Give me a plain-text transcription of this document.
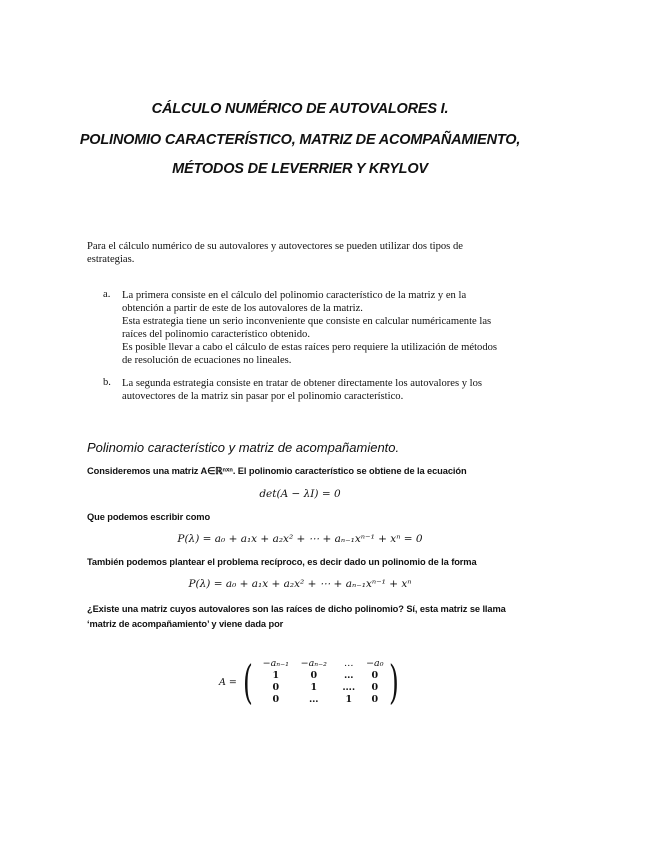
CÁLCULO NUMÉRICO DE AUTOVALORES I.
POLINOMIO CARACTERÍSTICO, MATRIZ DE ACOMPAÑAMIENTO,
MÉTODOS DE LEVERRIER Y KRYLOV
Para el cálculo numérico de su autovalores y autovectores se pueden utilizar dos tipos de
estrategias.
a. La primera consiste en el cálculo del polinomio característico de la matriz y en la
obtención a partir de este de los autovalores de la matriz.
Esta estrategia tiene un serio inconveniente que consiste en calcular numéricamente las
raíces del polinomio característico obtenido.
Es posible llevar a cabo el cálculo de estas raíces pero requiere la utilización de métodos
de resolución de ecuaciones no lineales.
b. La segunda estrategia consiste en tratar de obtener directamente los autovalores y los
autovectores de la matriz sin pasar por el polinomio característico.
Polinomio característico y matriz de acompañamiento.
Consideremos una matriz A∈ℝⁿˣⁿ. El polinomio característico se obtiene de la ecuación
det(A − λI) = 0
Que podemos escribir como
P(λ) = a₀ + a₁x + a₂x² + ⋯ + aₙ₋₁xⁿ⁻¹ + xⁿ = 0
También podemos plantear el problema recíproco, es decir dado un polinomio de la forma
P(λ) = a₀ + a₁x + a₂x² + ⋯ + aₙ₋₁xⁿ⁻¹ + xⁿ
¿Existe una matriz cuyos autovalores son las raíces de dicho polinomio? Sí, esta matriz se llama
‘matriz de acompañamiento’ y viene dada por
A = (	−aₙ₋₁	−aₙ₋₂	…	−a₀
1	0	…	0
0	1	….	0
0	…	1	0 )
